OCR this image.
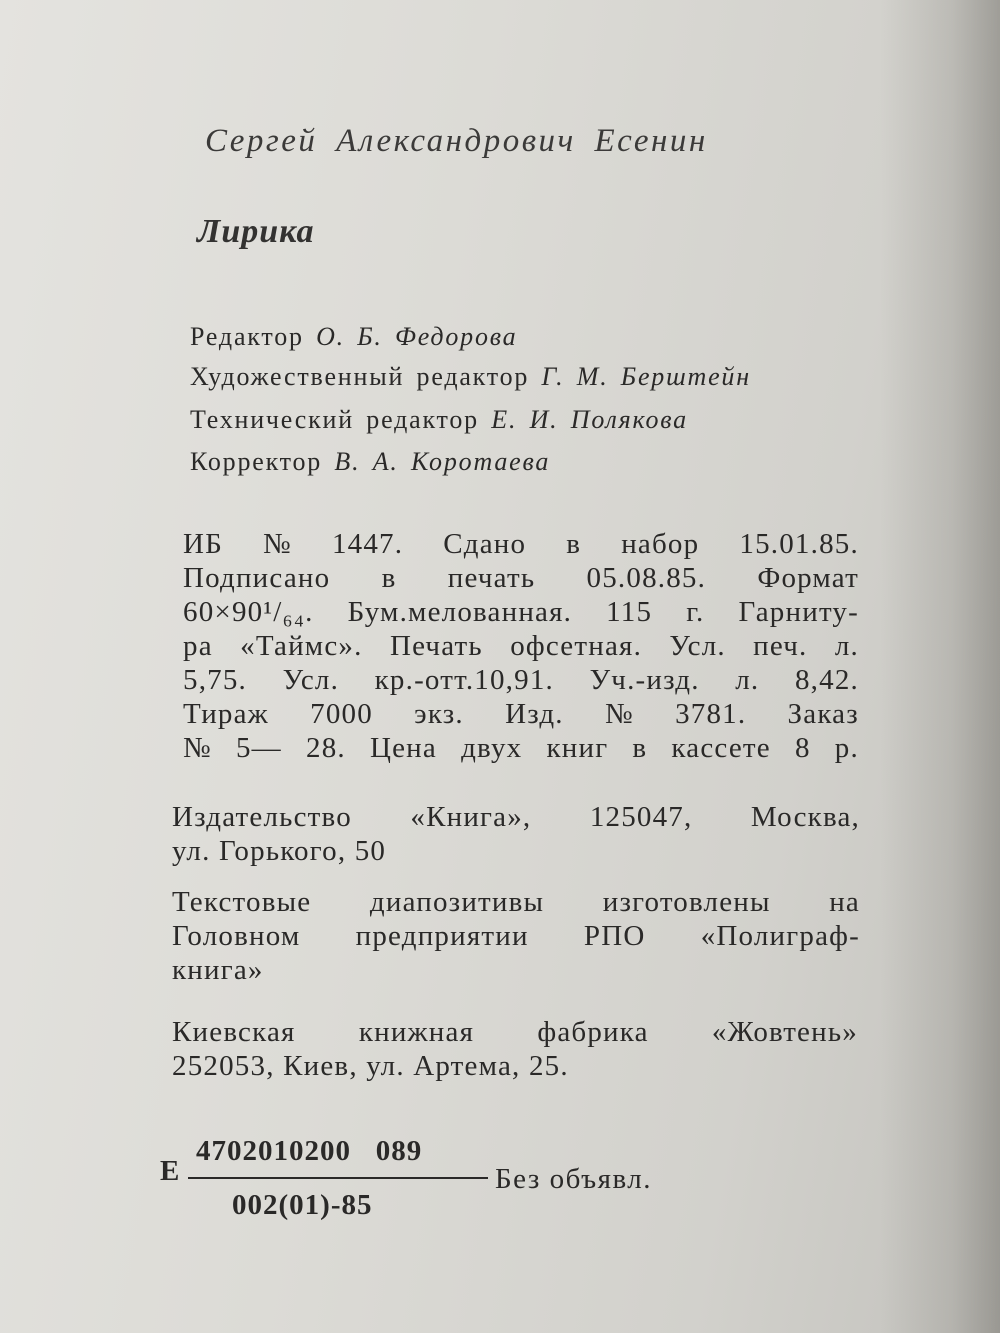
Сергей Александрович Есенин

Лирика

Редактор О. Б. Федорова

Художественный редактор Г. М. Берштейн

Технический редактор Е. И. Полякова

Корректор В. А. Коротаева

ИБ № 1447. Сдано в набор 15.01.85.
Подписано в печать 05.08.85. Формат
60×90¹/₆₄. Бум.мелованная. 115 г. Гарниту-
ра «Таймс». Печать офсетная. Усл. печ. л.
5,75. Усл. кр.-отт.10,91. Уч.-изд. л. 8,42.
Тираж 7000 экз. Изд. № 3781. Заказ
№ 5— 28. Цена двух книг в кассете 8 р.
Издательство «Книга», 125047, Москва,
ул. Горького, 50
Текстовые диапозитивы изготовлены на
Головном предприятии РПО «Полиграф-
книга»
Киевская книжная фабрика «Жовтень»
252053, Киев, ул. Артема, 25.
Е
4702010200   089
002(01)-85
Без объявл.
